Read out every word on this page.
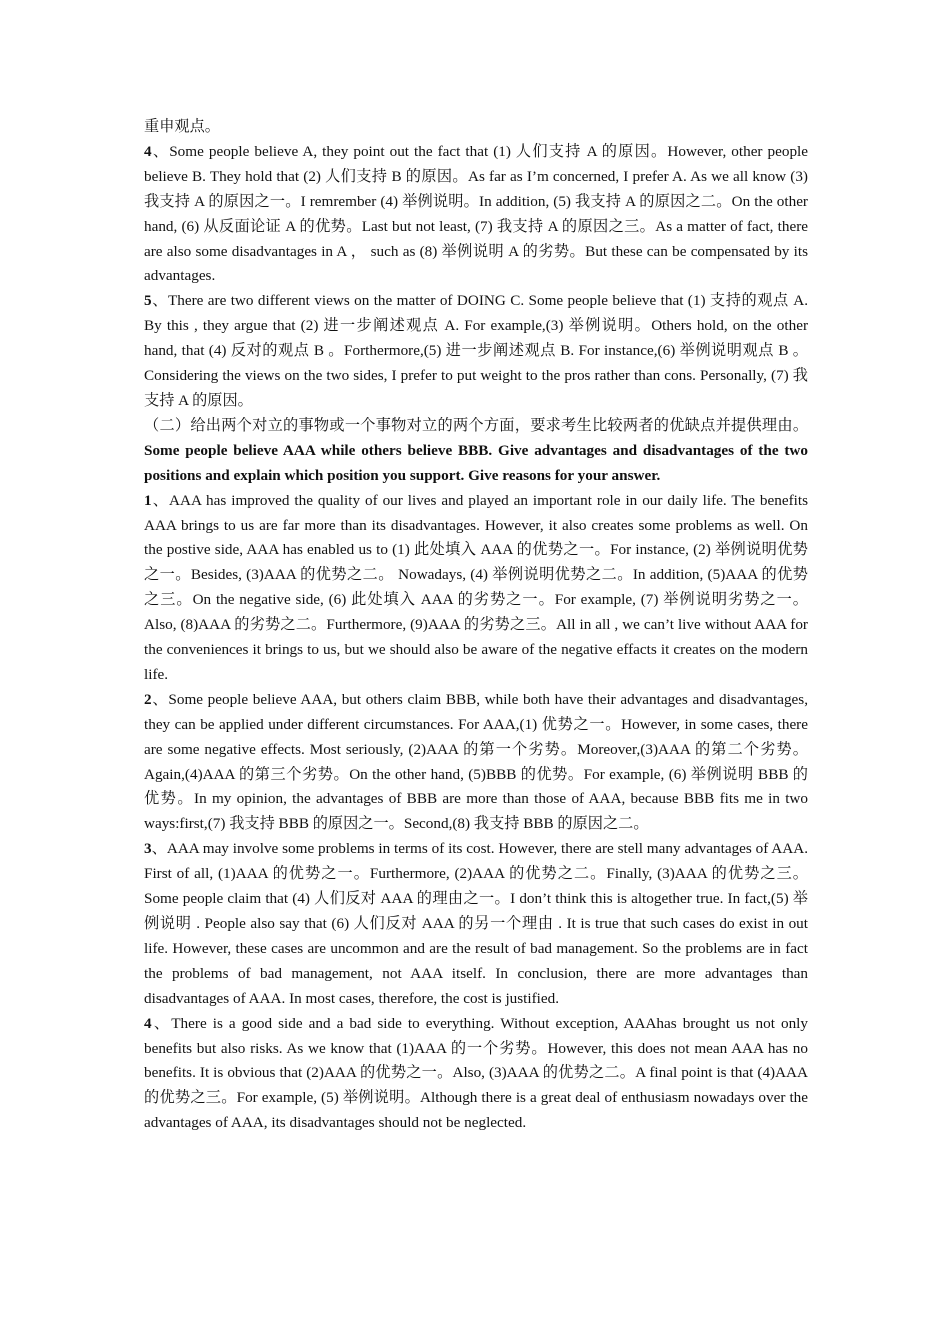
重申观点。

4、Some people believe A, they point out the fact that (1) 人们支持 A 的原因。However, other people believe B. They hold that (2) 人们支持 B 的原因。As far as I’m concerned, I prefer A. As we all know (3) 我支持 A 的原因之一。I remrember (4) 举例说明。In addition, (5) 我支持 A 的原因之二。On the other hand, (6) 从反面论证 A 的优势。Last but not least, (7) 我支持 A 的原因之三。As a matter of fact, there are also some disadvantages in A ， such as (8) 举例说明 A 的劣势。But these can be compensated by its advantages.

5、There are two different views on the matter of DOING C. Some people believe that (1) 支持的观点 A. By this , they argue that (2) 进一步阐述观点 A. For example,(3) 举例说明。Others hold, on the other hand, that (4) 反对的观点 B 。Forthermore,(5) 进一步阐述观点 B. For instance,(6) 举例说明观点 B 。Considering the views on the two sides, I prefer to put weight to the pros rather than cons. Personally, (7) 我支持 A 的原因。

（二）给出两个对立的事物或一个事物对立的两个方面，要求考生比较两者的优缺点并提供理由。Some people believe AAA while others believe BBB. Give advantages and disadvantages of the two positions and explain which position you support. Give reasons for your answer.

1、AAA has improved the quality of our lives and played an important role in our daily life. The benefits AAA brings to us are far more than its disadvantages. However, it also creates some problems as well. On the postive side, AAA has enabled us to (1) 此处填入 AAA 的优势之一。For instance, (2) 举例说明优势之一。Besides, (3)AAA 的优势之二。 Nowadays, (4) 举例说明优势之二。In addition, (5)AAA 的优势之三。On the negative side, (6) 此处填入 AAA 的劣势之一。For example, (7) 举例说明劣势之一。Also, (8)AAA 的劣势之二。Furthermore, (9)AAA 的劣势之三。All in all , we can’t live without AAA for the conveniences it brings to us, but we should also be aware of the negative effacts it creates on the modern life.

2、Some people believe AAA, but others claim BBB, while both have their advantages and disadvantages, they can be applied under different circumstances. For AAA,(1) 优势之一。However, in some cases, there are some negative effects. Most seriously, (2)AAA 的第一个劣势。Moreover,(3)AAA 的第二个劣势。Again,(4)AAA 的第三个劣势。On the other hand, (5)BBB 的优势。For example, (6) 举例说明 BBB 的优势。In my opinion, the advantages of BBB are more than those of AAA, because BBB fits me in two ways:first,(7) 我支持 BBB 的原因之一。Second,(8) 我支持 BBB 的原因之二。

3、AAA may involve some problems in terms of its cost. However, there are stell many advantages of AAA. First of all, (1)AAA 的优势之一。Furthermore, (2)AAA 的优势之二。Finally, (3)AAA 的优势之三。Some people claim that (4) 人们反对 AAA 的理由之一。I don’t think this is altogether true. In fact,(5) 举例说明 . People also say that (6) 人们反对 AAA 的另一个理由 . It is true that such cases do exist in out life. However, these cases are uncommon and are the result of bad management. So the problems are in fact the problems of bad management, not AAA itself. In conclusion, there are more advantages than disadvantages of AAA. In most cases, therefore, the cost is justified.

4、There is a good side and a bad side to everything. Without exception, AAAhas brought us not only benefits but also risks. As we know that (1)AAA 的一个劣势。However, this does not mean AAA has no benefits. It is obvious that (2)AAA 的优势之一。Also, (3)AAA 的优势之二。A final point is that (4)AAA 的优势之三。For example, (5) 举例说明。Although there is a great deal of enthusiasm nowadays over the advantages of AAA, its disadvantages should not be neglected.
